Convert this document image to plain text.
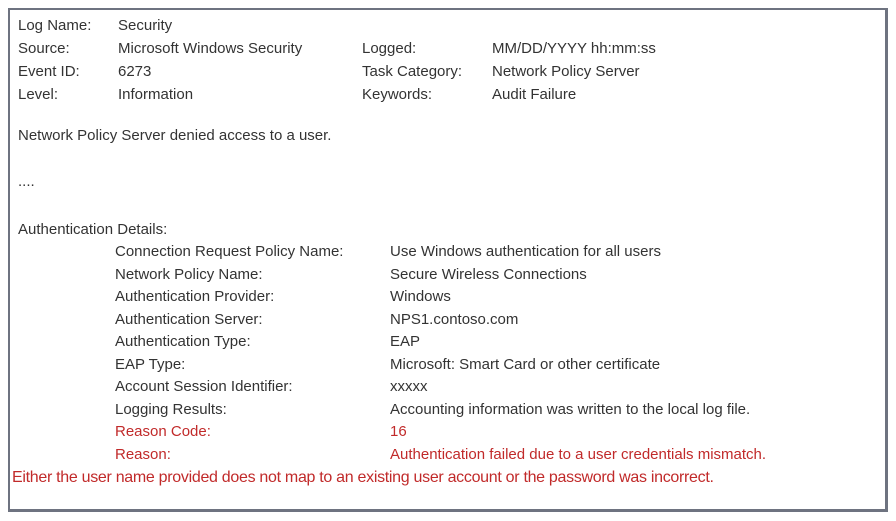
Log Name:	Security
Source:	Microsoft Windows Security	Logged:	MM/DD/YYYY hh:mm:ss
Event ID:	6273	Task Category:	Network Policy Server
Level:	Information	Keywords:	Audit Failure
Network Policy Server denied access to a user.
....
Authentication Details:
Connection Request Policy Name:	Use Windows authentication for all users
Network Policy Name:	Secure Wireless Connections
Authentication Provider:	Windows
Authentication Server:	NPS1.contoso.com
Authentication Type:	EAP
EAP Type:	Microsoft: Smart Card or other certificate
Account Session Identifier:	xxxxx
Logging Results:	Accounting information was written to the local log file.
Reason Code:	16
Reason:	Authentication failed due to a user credentials mismatch.
Either the user name provided does not map to an existing user account or the password was incorrect.
